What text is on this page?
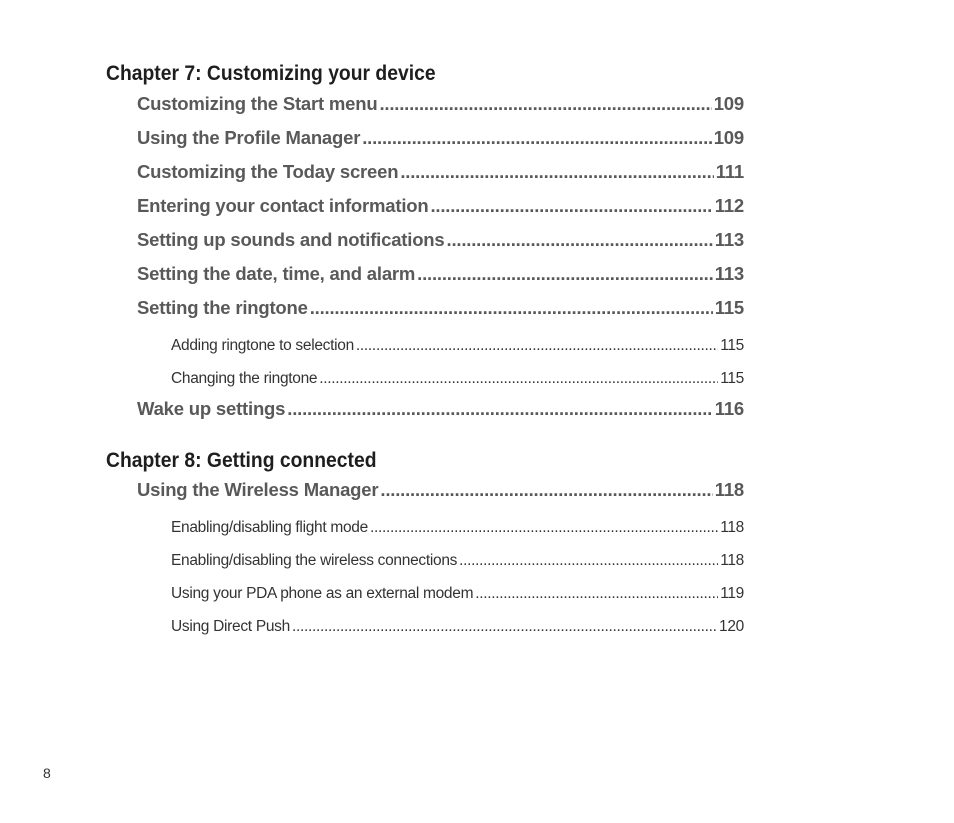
Chapter 7: Customizing your device
Customizing the Start menu .....	109
Using the Profile Manager .....	109
Customizing the Today screen .....	111
Entering your contact information .....	112
Setting up sounds and notifications .....	113
Setting the date, time, and alarm .....	113
Setting the ringtone .....	115
Adding ringtone to selection .....	115
Changing the ringtone .....	115
Wake up settings .....	116
Chapter 8: Getting connected
Using the Wireless Manager .....	118
Enabling/disabling flight mode .....	118
Enabling/disabling the wireless connections .....	118
Using your PDA phone as an external modem .....	119
Using Direct Push .....	120
8
